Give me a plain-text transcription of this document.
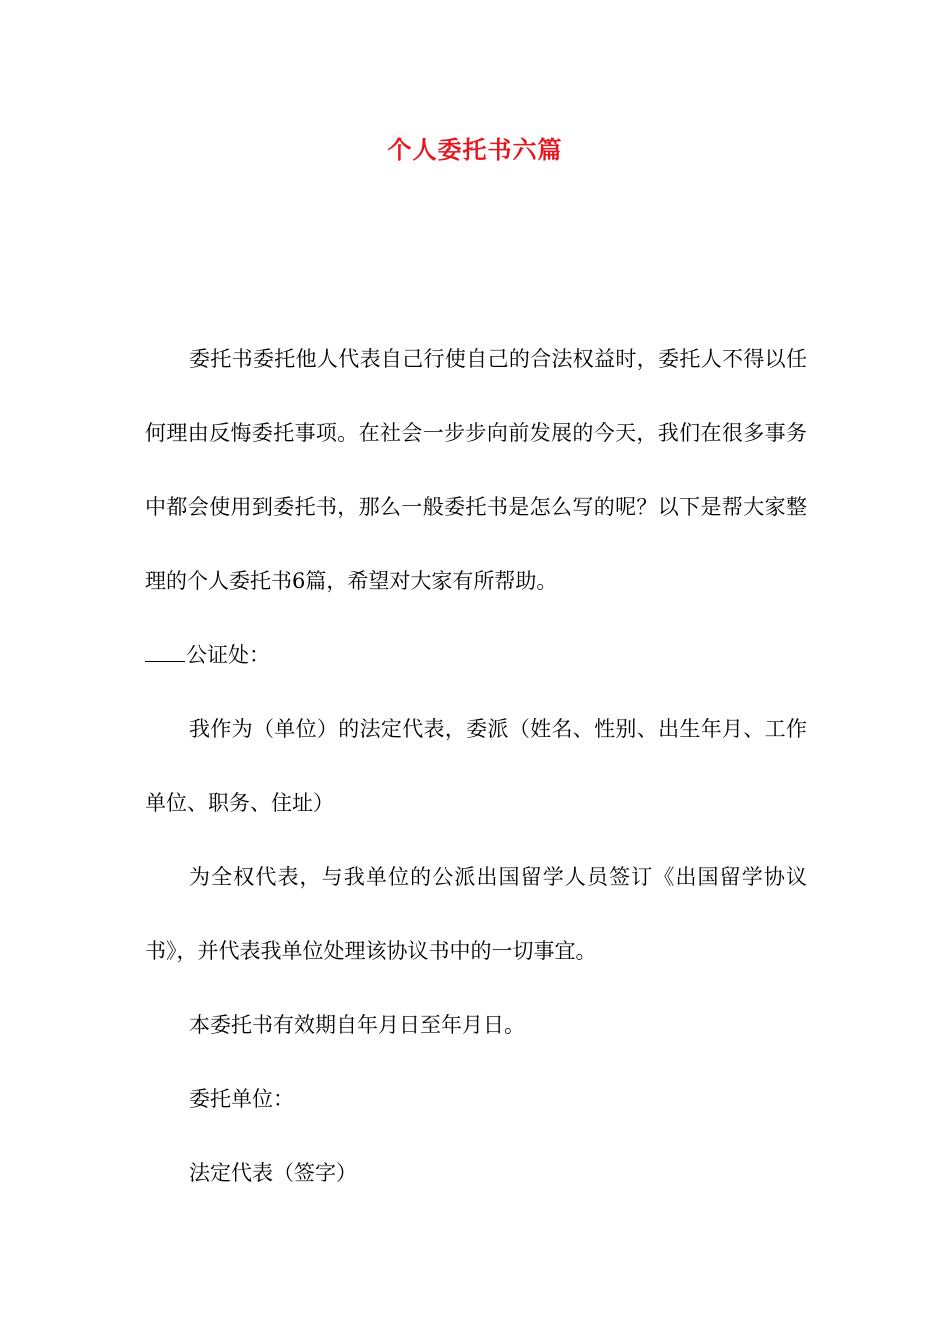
个人委托书六篇

委托书委托他人代表自己行使自己的合法权益时，委托人不得以任何理由反悔委托事项。在社会一步步向前发展的今天，我们在很多事务中都会使用到委托书，那么一般委托书是怎么写的呢？以下是帮大家整理的个人委托书6篇，希望对大家有所帮助。

公证处：

我作为（单位）的法定代表，委派（姓名、性别、出生年月、工作单位、职务、住址）

为全权代表，与我单位的公派出国留学人员签订《出国留学协议书》，并代表我单位处理该协议书中的一切事宜。

本委托书有效期自年月日至年月日。

委托单位：

法定代表（签字）
